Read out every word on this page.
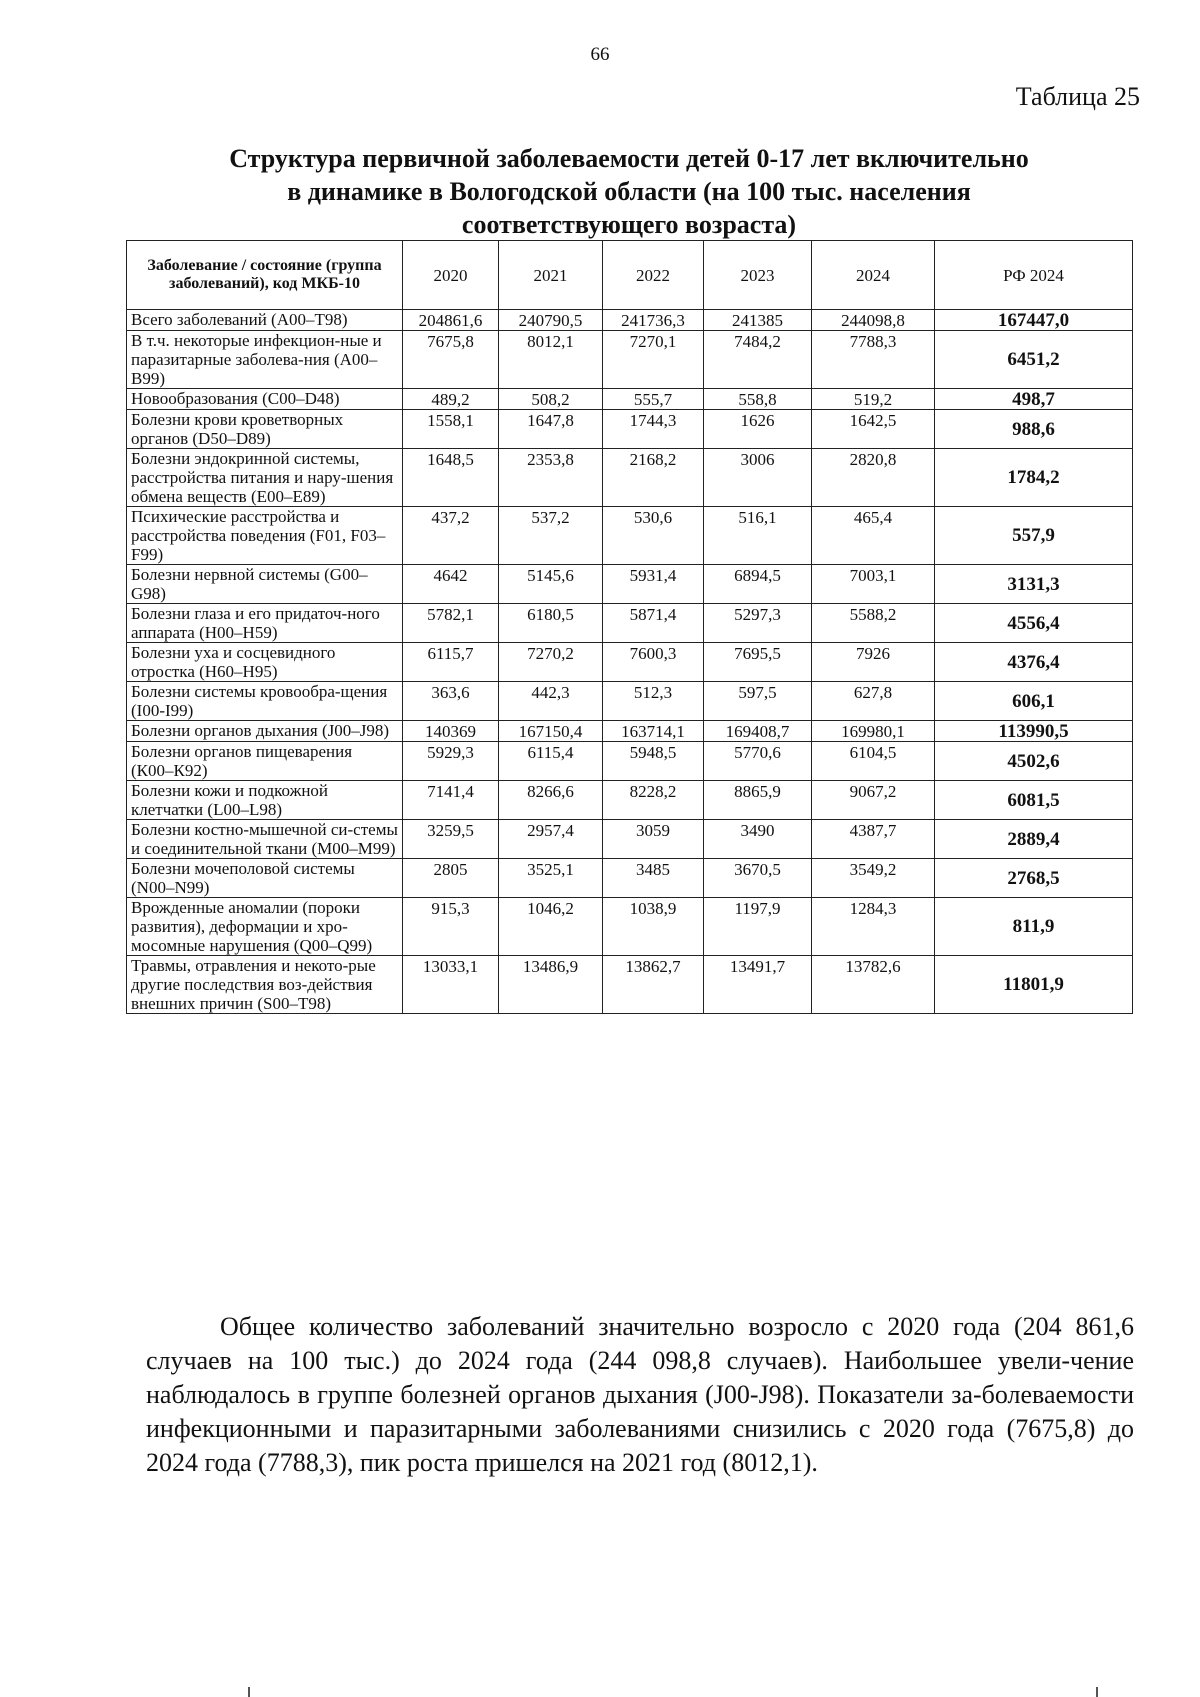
66
Таблица 25
Структура первичной заболеваемости детей 0-17 лет включительно
в динамике в Вологодской области (на 100 тыс. населения
соответствующего возраста)
Заболевание / состояние (группа заболеваний), код МКБ-10	2020	2021	2022	2023	2024	РФ 2024
Всего заболеваний (А00–Т98)	204861,6	240790,5	241736,3	241385	244098,8	167447,0
В т.ч. некоторые инфекцион-ные и паразитарные заболева-ния (А00–В99)	7675,8	8012,1	7270,1	7484,2	7788,3	6451,2
Новообразования (С00–D48)	489,2	508,2	555,7	558,8	519,2	498,7
Болезни крови кроветворных органов (D50–D89)	1558,1	1647,8	1744,3	1626	1642,5	988,6
Болезни эндокринной системы, расстройства питания и нару-шения обмена веществ (Е00–Е89)	1648,5	2353,8	2168,2	3006	2820,8	1784,2
Психические расстройства и расстройства поведения (F01, F03–F99)	437,2	537,2	530,6	516,1	465,4	557,9
Болезни нервной системы (G00–G98)	4642	5145,6	5931,4	6894,5	7003,1	3131,3
Болезни глаза и его придаточ-ного аппарата (Н00–Н59)	5782,1	6180,5	5871,4	5297,3	5588,2	4556,4
Болезни уха и сосцевидного отростка (Н60–Н95)	6115,7	7270,2	7600,3	7695,5	7926	4376,4
Болезни системы кровообра-щения (I00-I99)	363,6	442,3	512,3	597,5	627,8	606,1
Болезни органов дыхания (J00–J98)	140369	167150,4	163714,1	169408,7	169980,1	113990,5
Болезни органов пищеварения (К00–К92)	5929,3	6115,4	5948,5	5770,6	6104,5	4502,6
Болезни кожи и подкожной клетчатки (L00–L98)	7141,4	8266,6	8228,2	8865,9	9067,2	6081,5
Болезни костно-мышечной си-стемы и соединительной ткани (М00–М99)	3259,5	2957,4	3059	3490	4387,7	2889,4
Болезни мочеполовой системы (N00–N99)	2805	3525,1	3485	3670,5	3549,2	2768,5
Врожденные аномалии (пороки развития), деформации и хро-мосомные нарушения (Q00–Q99)	915,3	1046,2	1038,9	1197,9	1284,3	811,9
Травмы, отравления и некото-рые другие последствия воз-действия внешних причин (S00–Т98)	13033,1	13486,9	13862,7	13491,7	13782,6	11801,9
Общее количество заболеваний значительно возросло с 2020 года (204 861,6 случаев на 100 тыс.) до 2024 года (244 098,8 случаев). Наибольшее увели-чение наблюдалось в группе болезней органов дыхания (J00-J98). Показатели за-болеваемости инфекционными и паразитарными заболеваниями снизились с 2020 года (7675,8) до 2024 года (7788,3), пик роста пришелся на 2021 год (8012,1).
